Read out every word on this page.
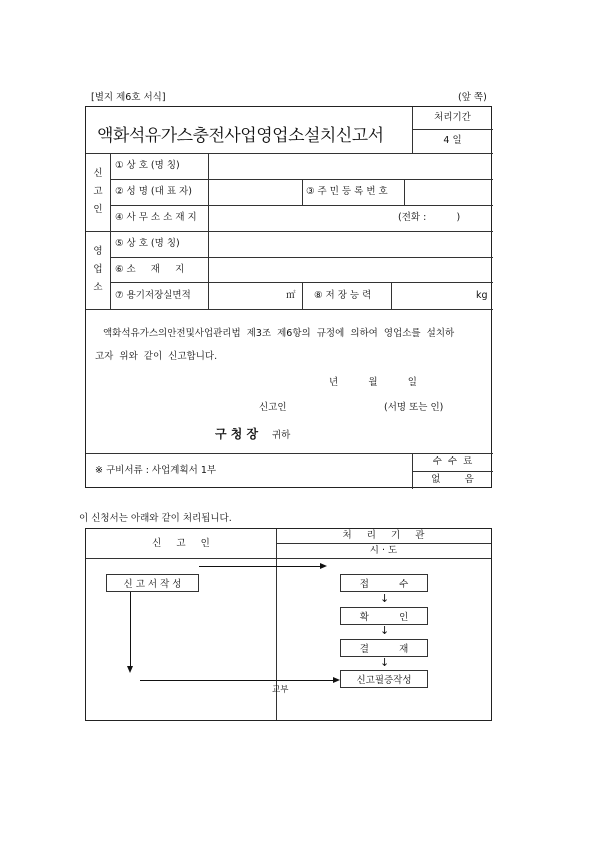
[별지 제6호 서식]	(앞 쪽)
액화석유가스충전사업영업소설치신고서
처리기간
4 일
신
고
인
영
업
소
① 상 호 (명 칭)
② 성 명 (대 표 자)	③ 주 민 등 록 번 호
④ 사 무 소 소 재 지	(전화 :          )
⑤ 상 호 (명 칭)
⑥ 소     재     지
⑦ 용기저장실면적	㎡ ⑧ 저 장 능 력	kg
액화석유가스의안전및사업관리법  제3조  제6항의  규정에  의하여  영업소를  설치하
고자  위와  같이  신고합니다.
년          월          일
신고인	(서명 또는 인)
구 청 장 귀하
※ 구비서류 : 사업계획서 1부
수  수  료
없        음
이 신청서는 아래와 같이 처리됩니다.
신     고     인
처     리     기     관
시 · 도
교부
신 고 서 작 성	접          수
확          인
결          재
신고필증작성
↓
↓
↓
